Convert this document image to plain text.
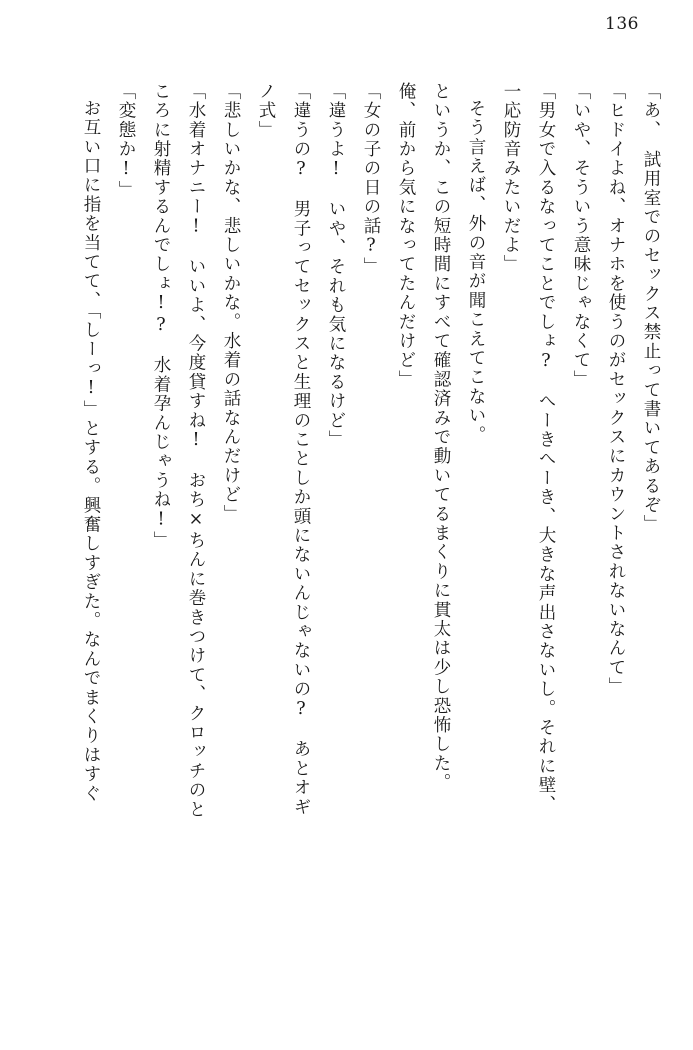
136
「あ、　試用室でのセックス禁止って書いてあるぞ」
「ヒドイよね、オナホを使うのがセックスにカウントされないなんて」
「いや、そういう意味じゃなくて」
「男女で入るなってことでしょ?　へーきへーき、大きな声出さないし。それに壁、
一応防音みたいだよ」
そう言えば、外の音が聞こえてこない。
というか、この短時間にすべて確認済みで動いてるまくりに貫太は少し恐怖した。
俺、前から気になってたんだけど」
「女の子の日の話?」
「違うよ!　いや、それも気になるけど」
「違うの?　男子ってセックスと生理のことしか頭にないんじゃないの?　あとオギ
ノ式」
「悲しいかな、悲しいかな。水着の話なんだけど」
「水着オナニー!　いいよ、今度貸すね!　おち×ちんに巻きつけて、クロッチのと
ころに射精するんでしょ!?　水着孕んじゃうね!」
「変態か!」
お互い口に指を当てて、「しーっ!」とする。興奮しすぎた。なんでまくりはすぐ
